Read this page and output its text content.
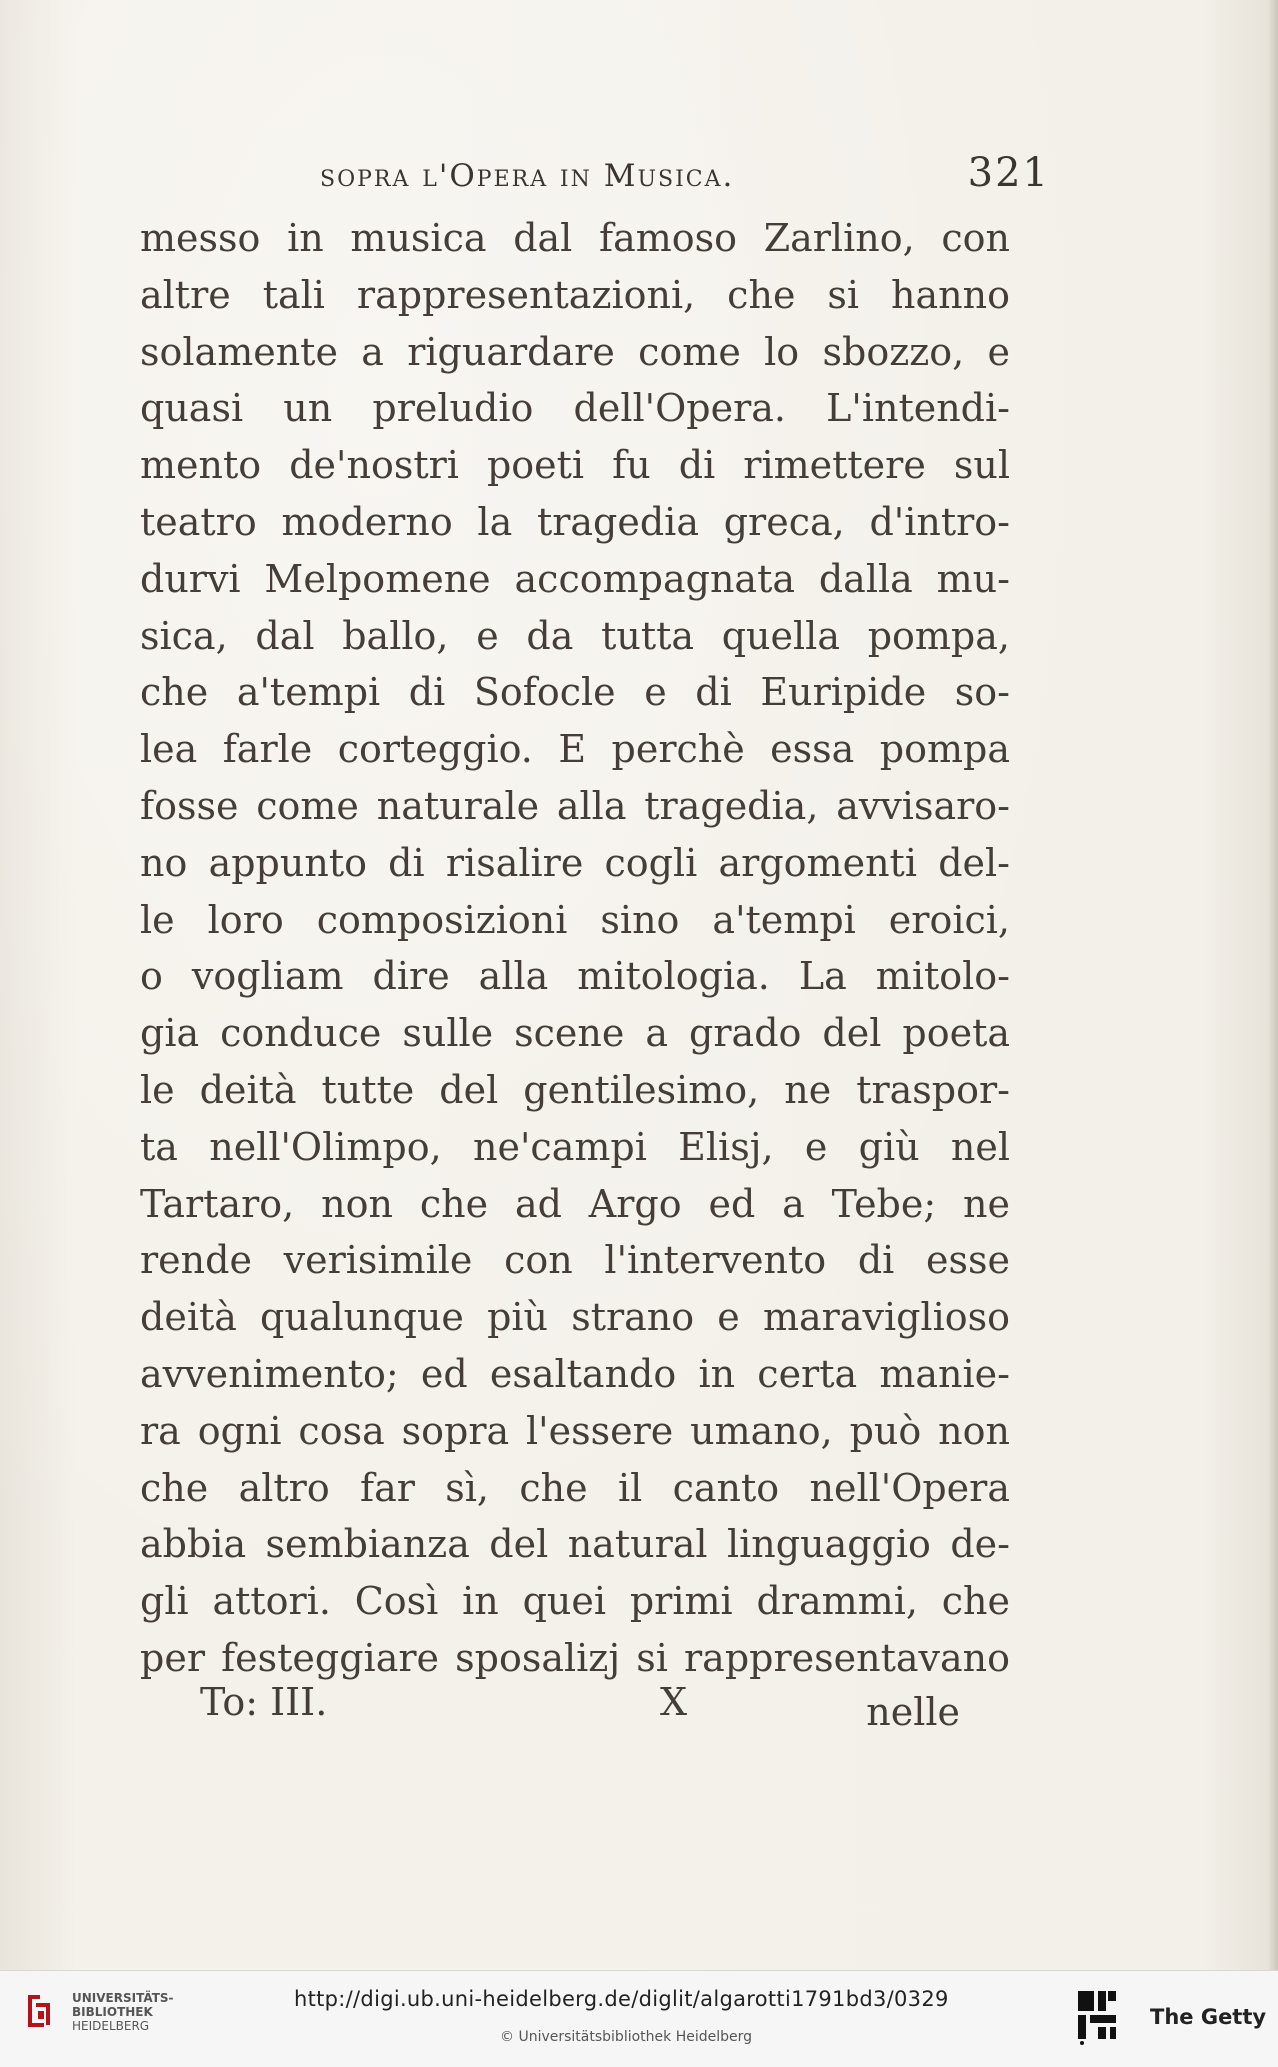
sopra l'Opera in Musica.	321
messo in musica dal famoso Zarlino, con
altre tali rappresentazioni, che si hanno
solamente a riguardare come lo sbozzo, e
quasi un preludio dell'Opera. L'intendi-
mento de'nostri poeti fu di rimettere sul
teatro moderno la tragedia greca, d'intro-
durvi Melpomene accompagnata dalla mu-
sica, dal ballo, e da tutta quella pompa,
che a'tempi di Sofocle e di Euripide so-
lea farle corteggio. E perchè essa pompa
fosse come naturale alla tragedia, avvisaro-
no appunto di risalire cogli argomenti del-
le loro composizioni sino a'tempi eroici,
o vogliam dire alla mitologia. La mitolo-
gia conduce sulle scene a grado del poeta
le deità tutte del gentilesimo, ne traspor-
ta nell'Olimpo, ne'campi Elisj, e giù nel
Tartaro, non che ad Argo ed a Tebe; ne
rende verisimile con l'intervento di esse
deità qualunque più strano e maraviglioso
avvenimento; ed esaltando in certa manie-
ra ogni cosa sopra l'essere umano, può non
che altro far sì, che il canto nell'Opera
abbia sembianza del natural linguaggio de-
gli attori. Così in quei primi drammi, che
per festeggiare sposalizj si rappresentavano
To: III.	X	nelle
UNIVERSITÄTS-
BIBLIOTHEK
HEIDELBERG
http://digi.ub.uni-heidelberg.de/diglit/algarotti1791bd3/0329
© Universitätsbibliothek Heidelberg
The Getty
